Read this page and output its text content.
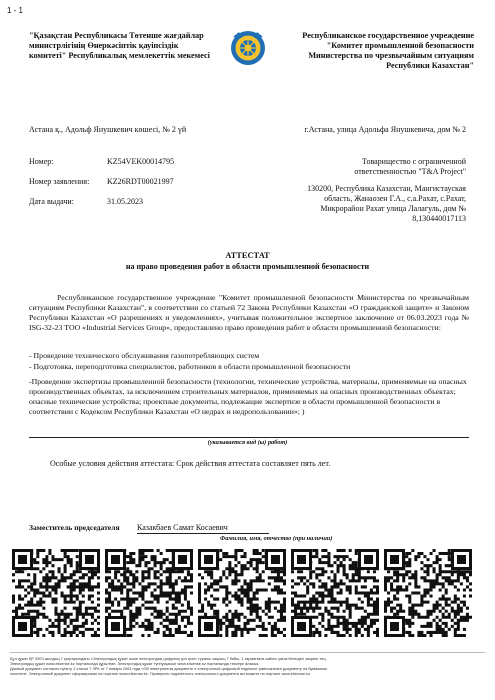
1 - 1
"Қазақстан Республикасы Төтенше жағдайлар министрлігінің Өнеркәсіптік қауіпсіздік комитеті" Республикалық мемлекеттік мекемесі
Республиканское государственное учреждение "Комитет промышленной безопасности Министерства по чрезвычайным ситуациям Республики Казахстан"
Астана қ., Адольф Янушкевич көшесі, № 2 үй	г.Астана, улица Адольфа Янушкевича, дом № 2
Номер:	KZ54VEK00014795
Номер заявления: KZ26RDT00021997
Дата выдачи:	31.05.2023
Товарищество с ограниченной ответственностью "T&A Project"
130200, Республика Казахстан, Мангистауская область, Жанаозен Г.А., с.а.Рахат, с.Рахат, Микрорайон Рахат улица Лалагуль, дом № 8,130440017113
АТТЕСТАТ
на право проведения работ в области промышленной безопасности
Республиканское государственное учреждение "Комитет промышленной безопасности Министерства по чрезвычайным ситуациям Республики Казахстан", в соответствии со статьей 72 Закона Республики Казахстан «О гражданской защите» и Законом Республики Казахстан «О разрешениях и уведомлениях», учитывая положительное экспертное заключение от 06.03.2023 года № ISG-32-23 ТОО «Industrial Services Group», предоставлено право проведения работ в области промышленной безопасности:
- Проведение технического обслуживания газопотребляющих систем
- Подготовка, переподготовка специалистов, работников в области промышленной безопасности
-Проведение экспертизы промышленной безопасности (технологии, технические устройства, материалы, применяемые на опасных производственных объектах, за исключением строительных материалов, применяемых на опасных производственных объектах; опасные технические устройства; проектные документы, подлежащие экспертизе в области промышленной безопасности в соответствии с Кодексом Республики Казахстан «О недрах и недропользовании»; )
(указывается вид (ы) работ)
Особые условия действия аттестата: Срок действия аттестата составляет пять лет.
Заместитель председателя Казакбаев Самат Косаевич
Фамилия, имя, отчество (при наличии)
Бұл құжат ҚР 2003 жылдың 7 қаңтарындағы «Электрондық құжат және электрондық цифрлық қол қою» туралы заңның 7 бабы, 1 тармағына сәйкес қағаз бетіндегі заңмен тең.
Электрондық құжат www.elicense.kz порталында құрылған. Электрондық құжат түпнұсқасын www.elicense.kz порталында тексере аласыз.
Данный документ согласно пункту 1 статьи 7 ЗРК от 7 января 2003 года «Об электронном документе и электронной цифровой подписи» равнозначен документу на бумажном
носителе. Электронный документ сформирован на портале www.elicense.kz. Проверить подлинность электронного документа вы можете на портале www.elicense.kz.
